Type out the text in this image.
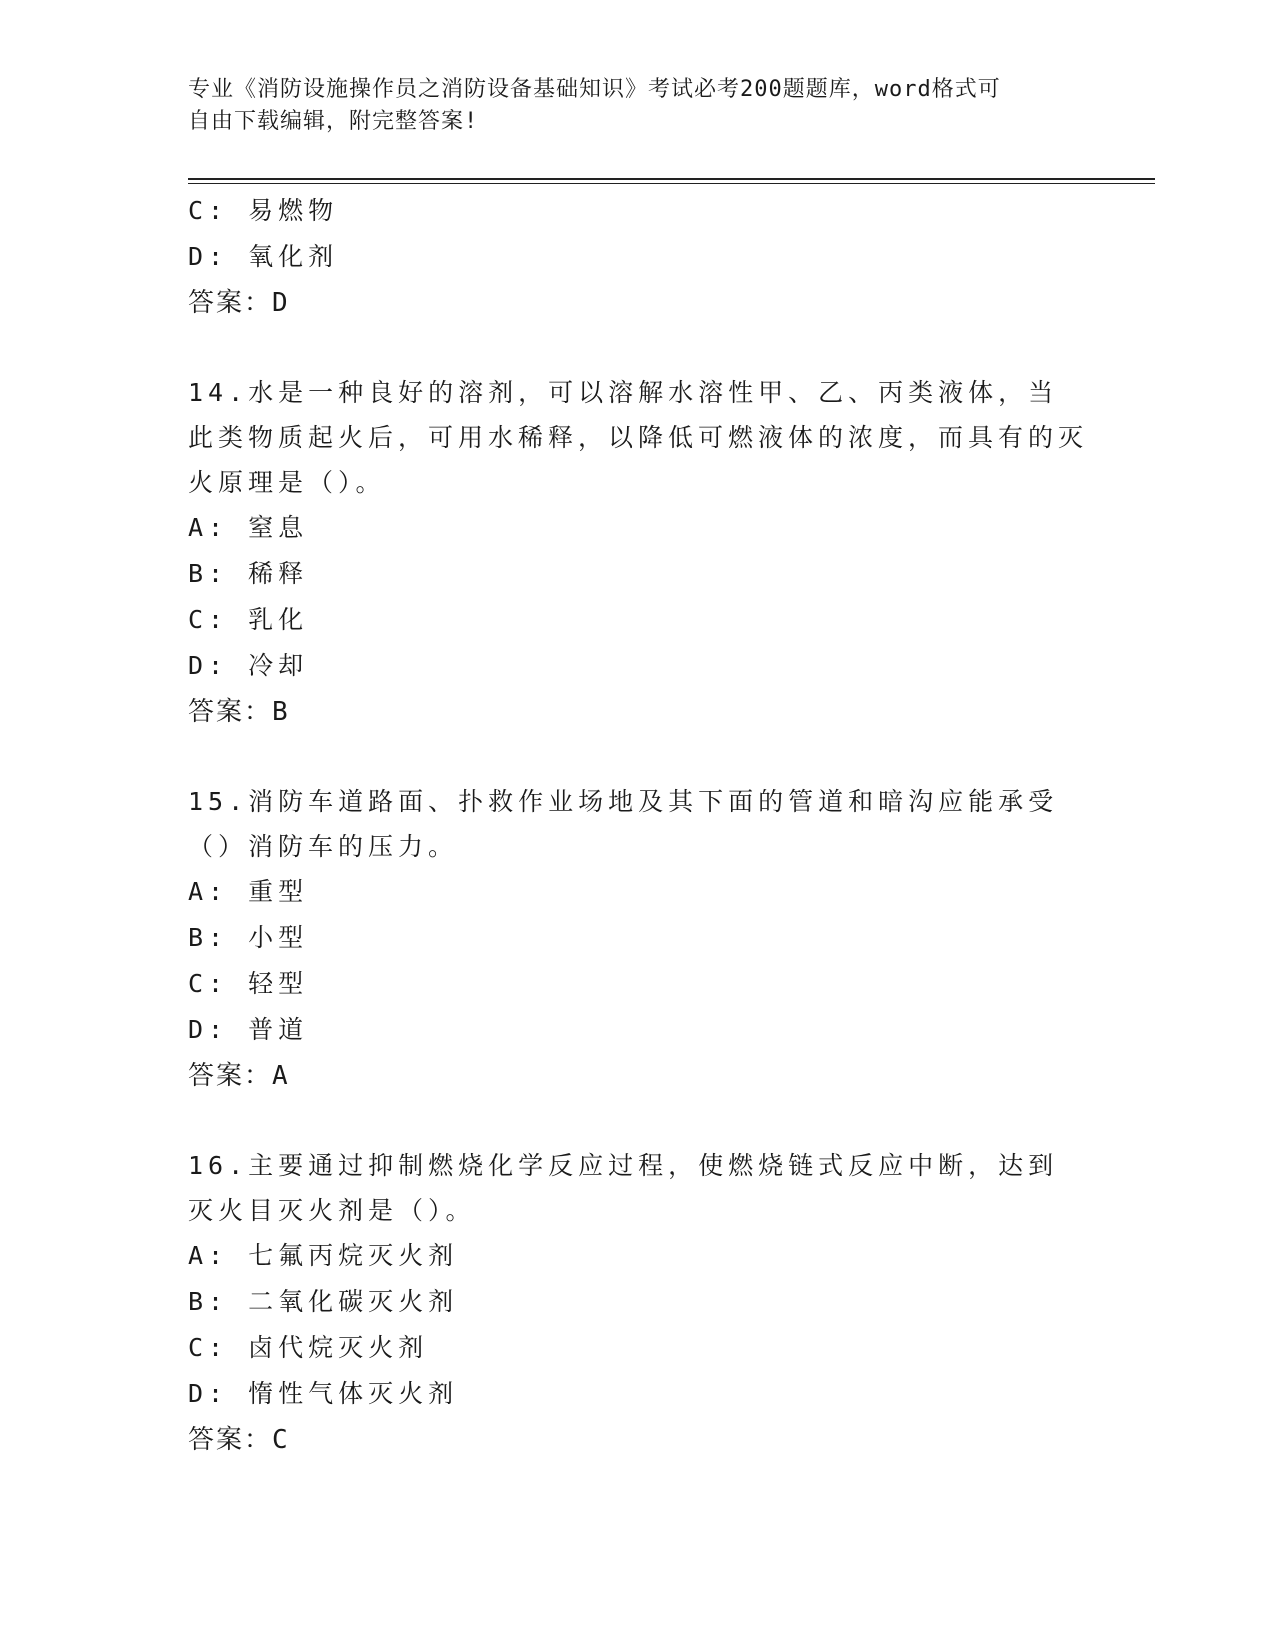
专业《消防设施操作员之消防设备基础知识》考试必考200题题库，word格式可
自由下载编辑，附完整答案!
C: 易燃物
D: 氧化剂
答案：D
14.水是一种良好的溶剂，可以溶解水溶性甲、乙、丙类液体，当此类物质起火后，可用水稀释，以降低可燃液体的浓度，而具有的灭火原理是（）。
A: 窒息
B: 稀释
C: 乳化
D: 冷却
答案：B
15.消防车道路面、扑救作业场地及其下面的管道和暗沟应能承受（）消防车的压力。
A: 重型
B: 小型
C: 轻型
D: 普道
答案：A
16.主要通过抑制燃烧化学反应过程，使燃烧链式反应中断，达到灭火目灭火剂是（）。
A: 七氟丙烷灭火剂
B: 二氧化碳灭火剂
C: 卤代烷灭火剂
D: 惰性气体灭火剂
答案：C
